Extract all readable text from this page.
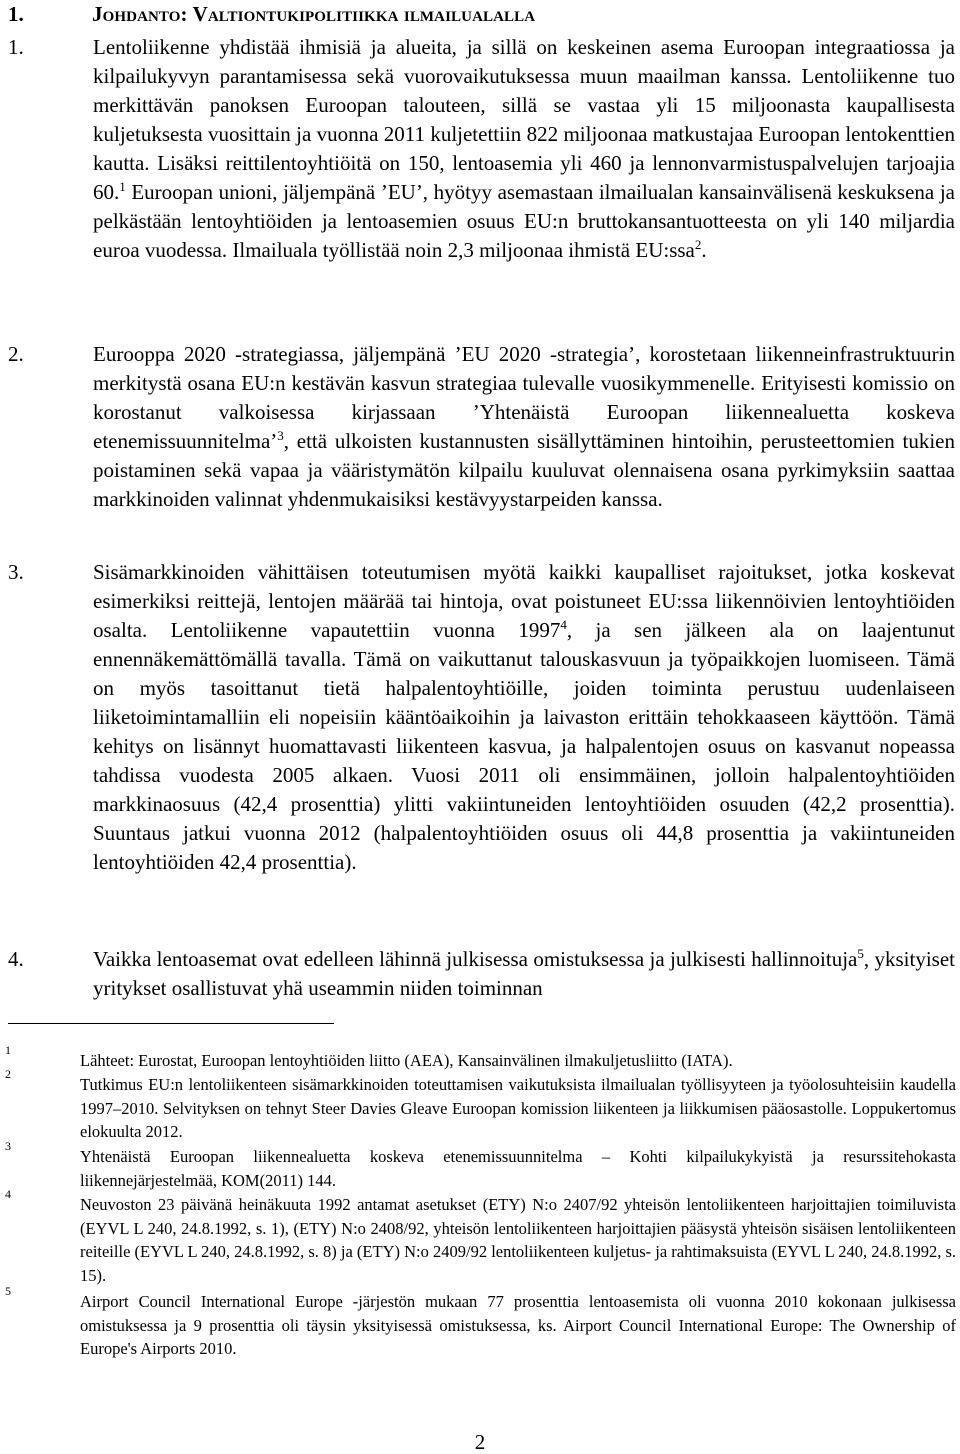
1.	Johdanto: Valtiontukipolitiikka ilmailualalla
1.	Lentoliikenne yhdistää ihmisiä ja alueita, ja sillä on keskeinen asema Euroopan integraatiossa ja kilpailukyvyn parantamisessa sekä vuorovaikutuksessa muun maailman kanssa. Lentoliikenne tuo merkittävän panoksen Euroopan talouteen, sillä se vastaa yli 15 miljoonasta kaupallisesta kuljetuksesta vuosittain ja vuonna 2011 kuljetettiin 822 miljoonaa matkustajaa Euroopan lentokenttien kautta. Lisäksi reittilentoyhtiöitä on 150, lentoasemia yli 460 ja lennonvarmistuspalvelujen tarjoajia 60.$^1$ Euroopan unioni, jäljempänä ’EU’, hyötyy asemastaan ilmailualan kansainvälisenä keskuksena ja pelkästään lentoyhtiöiden ja lentoasemien osuus EU:n bruttokansantuotteesta on yli 140 miljardia euroa vuodessa. Ilmailuala työllistää noin 2,3 miljoonaa ihmistä EU:ssa$^2$.
2.	Eurooppa 2020 -strategiassa, jäljempänä ’EU 2020 -strategia’, korostetaan liikenneinfrastruktuurin merkitystä osana EU:n kestävän kasvun strategiaa tulevalle vuosikymmenelle. Erityisesti komissio on korostanut valkoisessa kirjassaan ’Yhtenäistä Euroopan liikennealuetta koskeva etenemissuunnitelma’$^3$, että ulkoisten kustannusten sisällyttäminen hintoihin, perusteettomien tukien poistaminen sekä vapaa ja vääristymätön kilpailu kuuluvat olennaisena osana pyrkimyksiin saattaa markkinoiden valinnat yhdenmukaisiksi kestävyystarpeiden kanssa.
3.	Sisämarkkinoiden vähittäisen toteutumisen myötä kaikki kaupalliset rajoitukset, jotka koskevat esimerkiksi reittejä, lentojen määrää tai hintoja, ovat poistuneet EU:ssa liikennöivien lentoyhtiöiden osalta. Lentoliikenne vapautettiin vuonna 1997$^4$, ja sen jälkeen ala on laajentunut ennennäkemättömällä tavalla. Tämä on vaikuttanut talouskasvuun ja työpaikkojen luomiseen. Tämä on myös tasoittanut tietä halpalentoyhtiöille, joiden toiminta perustuu uudenlaiseen liiketoimintamalliin eli nopeisiin kääntöaikoihin ja laivaston erittäin tehokkaaseen käyttöön. Tämä kehitys on lisännyt huomattavasti liikenteen kasvua, ja halpalentojen osuus on kasvanut nopeassa tahdissa vuodesta 2005 alkaen. Vuosi 2011 oli ensimmäinen, jolloin halpalentoyhtiöiden markkinaosuus (42,4 prosenttia) ylitti vakiintuneiden lentoyhtiöiden osuuden (42,2 prosenttia). Suuntaus jatkui vuonna 2012 (halpalentoyhtiöiden osuus oli 44,8 prosenttia ja vakiintuneiden lentoyhtiöiden 42,4 prosenttia).
4.	Vaikka lentoasemat ovat edelleen lähinnä julkisessa omistuksessa ja julkisesti hallinnoituja$^5$, yksityiset yritykset osallistuvat yhä useammin niiden toiminnan
1
Lähteet: Eurostat, Euroopan lentoyhtiöiden liitto (AEA), Kansainvälinen ilmakuljetusliitto (IATA).
2
Tutkimus EU:n lentoliikenteen sisämarkkinoiden toteuttamisen vaikutuksista ilmailualan työllisyyteen ja työolosuhteisiin kaudella 1997–2010. Selvityksen on tehnyt Steer Davies Gleave Euroopan komission liikenteen ja liikkumisen pääosastolle. Loppukertomus elokuulta 2012.
3
Yhtenäistä Euroopan liikennealuetta koskeva etenemissuunnitelma – Kohti kilpailukykyistä ja resurssitehokasta liikennejärjestelmää, KOM(2011) 144.
4
Neuvoston 23 päivänä heinäkuuta 1992 antamat asetukset (ETY) N:o 2407/92 yhteisön lentoliikenteen harjoittajien toimiluvista (EYVL L 240, 24.8.1992, s. 1), (ETY) N:o 2408/92, yhteisön lentoliikenteen harjoittajien pääsystä yhteisön sisäisen lentoliikenteen reiteille (EYVL L 240, 24.8.1992, s. 8) ja (ETY) N:o 2409/92 lentoliikenteen kuljetus- ja rahtimaksuista (EYVL L 240, 24.8.1992, s. 15).
5
Airport Council International Europe -järjestön mukaan 77 prosenttia lentoasemista oli vuonna 2010 kokonaan julkisessa omistuksessa ja 9 prosenttia oli täysin yksityisessä omistuksessa, ks. Airport Council International Europe: The Ownership of Europe's Airports 2010.
2
